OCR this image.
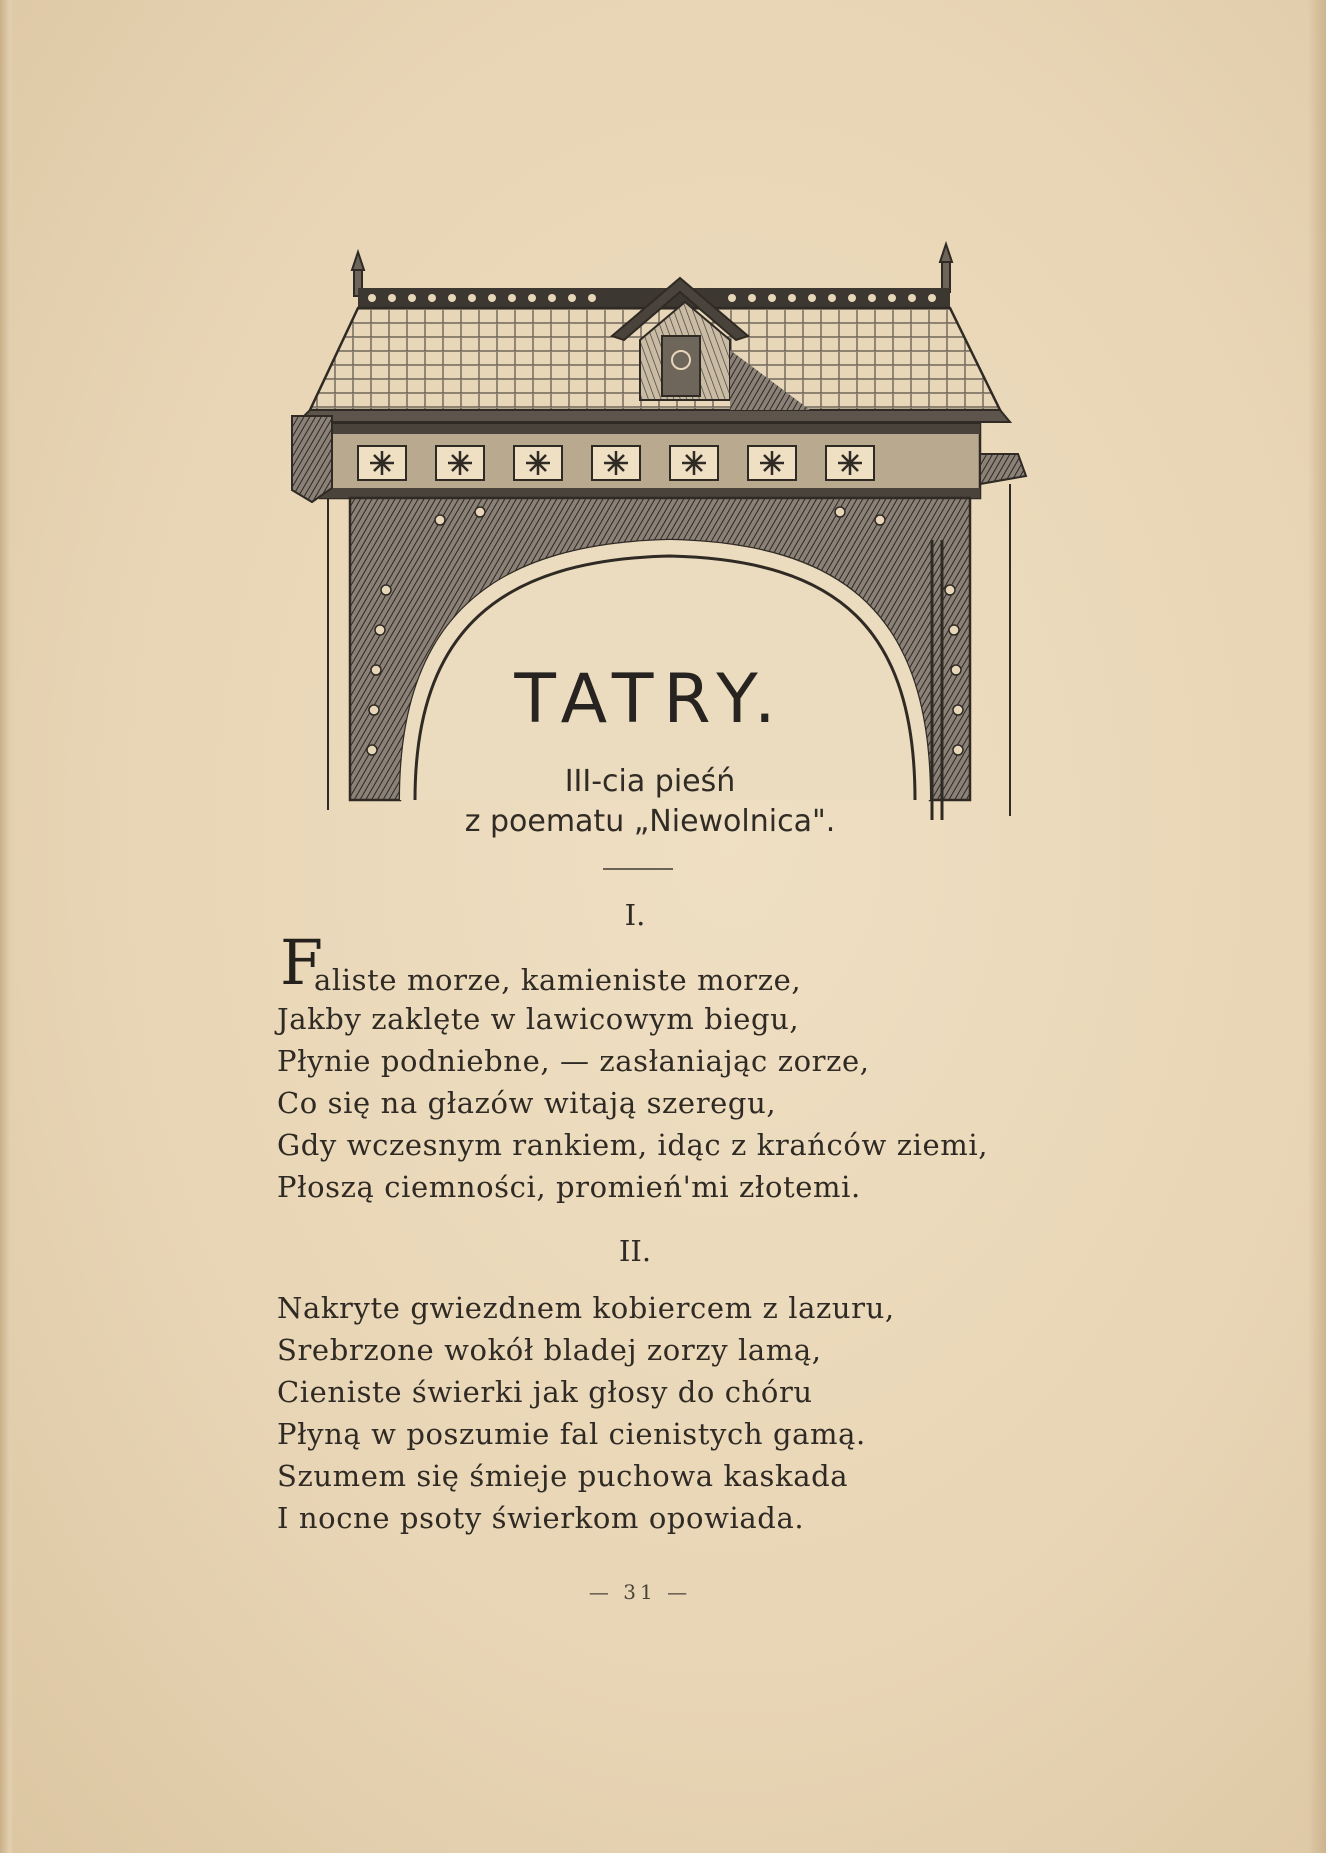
TATRY.
III-cia pieśń
z poematu „Niewolnica".
I.
F
aliste morze, kamieniste morze,
Jakby zaklęte w lawicowym biegu,
Płynie podniebne, — zasłaniając zorze,
Co się na głazów witają szeregu,
Gdy wczesnym rankiem, idąc z krańców ziemi,
Płoszą ciemności, promień'mi złotemi.
II.
Nakryte gwiezdnem kobiercem z lazuru,
Srebrzone wokół bladej zorzy lamą,
Cieniste świerki jak głosy do chóru
Płyną w poszumie fal cienistych gamą.
Szumem się śmieje puchowa kaskada
I nocne psoty świerkom opowiada.
— 31 —
